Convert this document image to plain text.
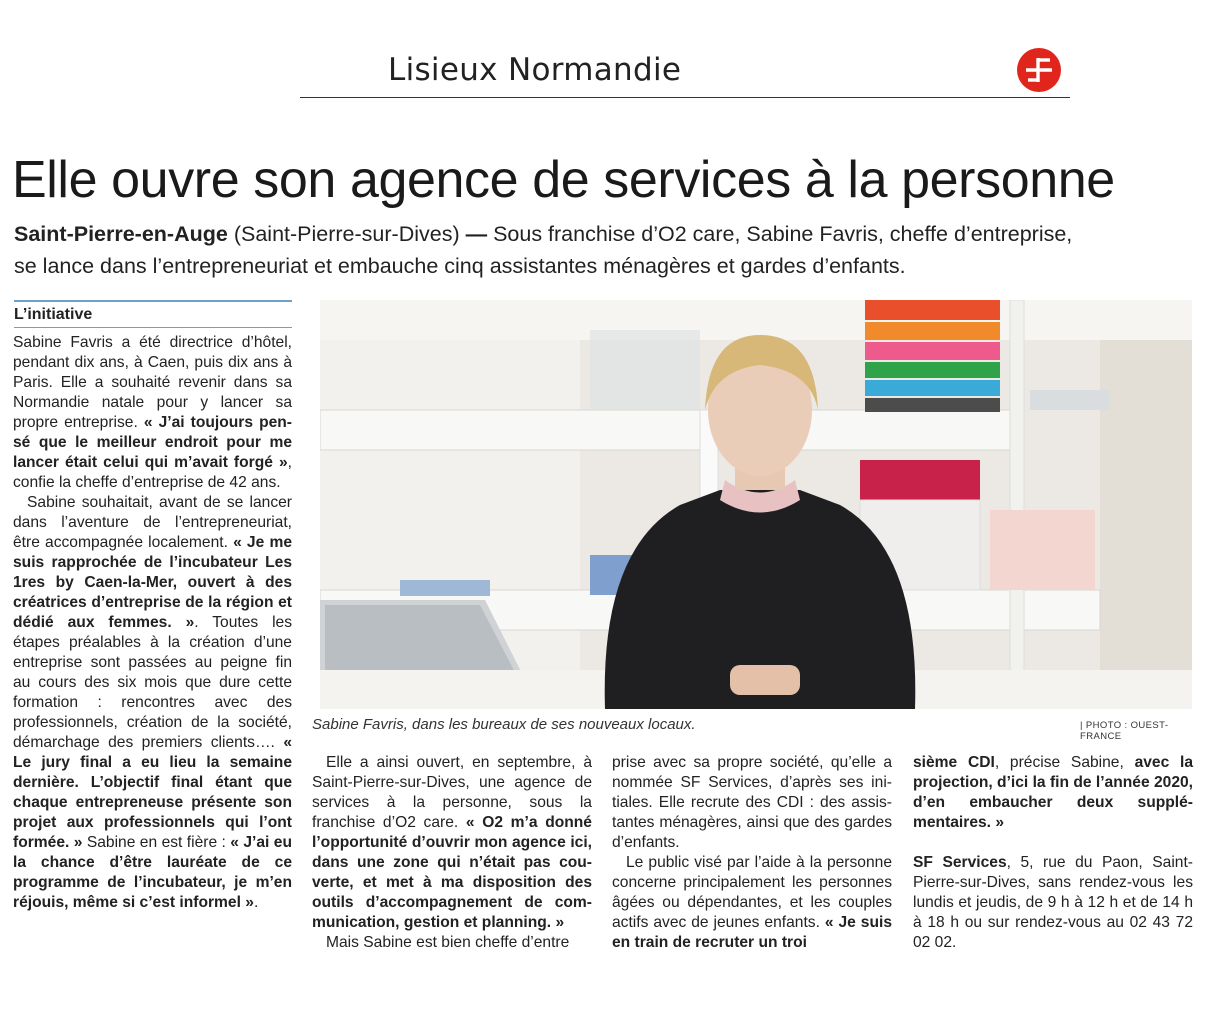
Lisieux Normandie
Elle ouvre son agence de services à la personne
Saint-Pierre-en-Auge (Saint-Pierre-sur-Dives) — Sous franchise d’O2 care, Sabine Favris, cheffe d’entreprise, se lance dans l’entrepreneuriat et embauche cinq assistantes ménagères et gardes d’enfants.
L’initiative

Sabine Favris a été directrice d’hôtel, pendant dix ans, à Caen, puis dix ans à Paris. Elle a souhaité revenir dans sa Normandie natale pour y lancer sa propre entreprise. « J’ai toujours pensé que le meilleur endroit pour me lancer était celui qui m’avait forgé », confie la cheffe d’entreprise de 42 ans.

Sabine souhaitait, avant de se lancer dans l’aventure de l’entrepreneuriat, être accompagnée localement. « Je me suis rapprochée de l’incubateur Les 1res by Caen-la-Mer, ouvert à des créatrices d’entreprise de la région et dédié aux femmes. ». Toutes les étapes préalables à la création d’une entreprise sont passées au peigne fin au cours des six mois que dure cette formation : rencontres avec des professionnels, création de la société, démarchage des premiers clients…. « Le jury final a eu lieu la semaine dernière. L’objectif final étant que chaque entrepreneuse présente son projet aux professionnels qui l’ont formée. » Sabine en est fière : « J’ai eu la chance d’être lauréate de ce programme de l’incubateur, je m’en réjouis, même si c’est informel ».

Sabine Favris, dans les bureaux de ses nouveaux locaux.	| PHOTO : OUEST-FRANCE

Elle a ainsi ouvert, en septembre, à Saint-Pierre-sur-Dives, une agence de services à la personne, sous la franchise d’O2 care. « O2 m’a donné l’opportunité d’ouvrir mon agence ici, dans une zone qui n’était pas couverte, et met à ma disposition des outils d’accompagnement de communication, gestion et planning. »

Mais Sabine est bien cheffe d’entre

prise avec sa propre société, qu’elle a nommée SF Services, d’après ses initiales. Elle recrute des CDI : des assistantes ménagères, ainsi que des gardes d’enfants.

Le public visé par l’aide à la personne concerne principalement les personnes âgées ou dépendantes, et les couples actifs avec de jeunes enfants. « Je suis en train de recruter un troi

sième CDI, précise Sabine, avec la projection, d’ici la fin de l’année 2020, d’en embaucher deux supplémentaires. »

SF Services, 5, rue du Paon, Saint-Pierre-sur-Dives, sans rendez-vous les lundis et jeudis, de 9 h à 12 h et de 14 h à 18 h ou sur rendez-vous au 02 43 72 02 02.
